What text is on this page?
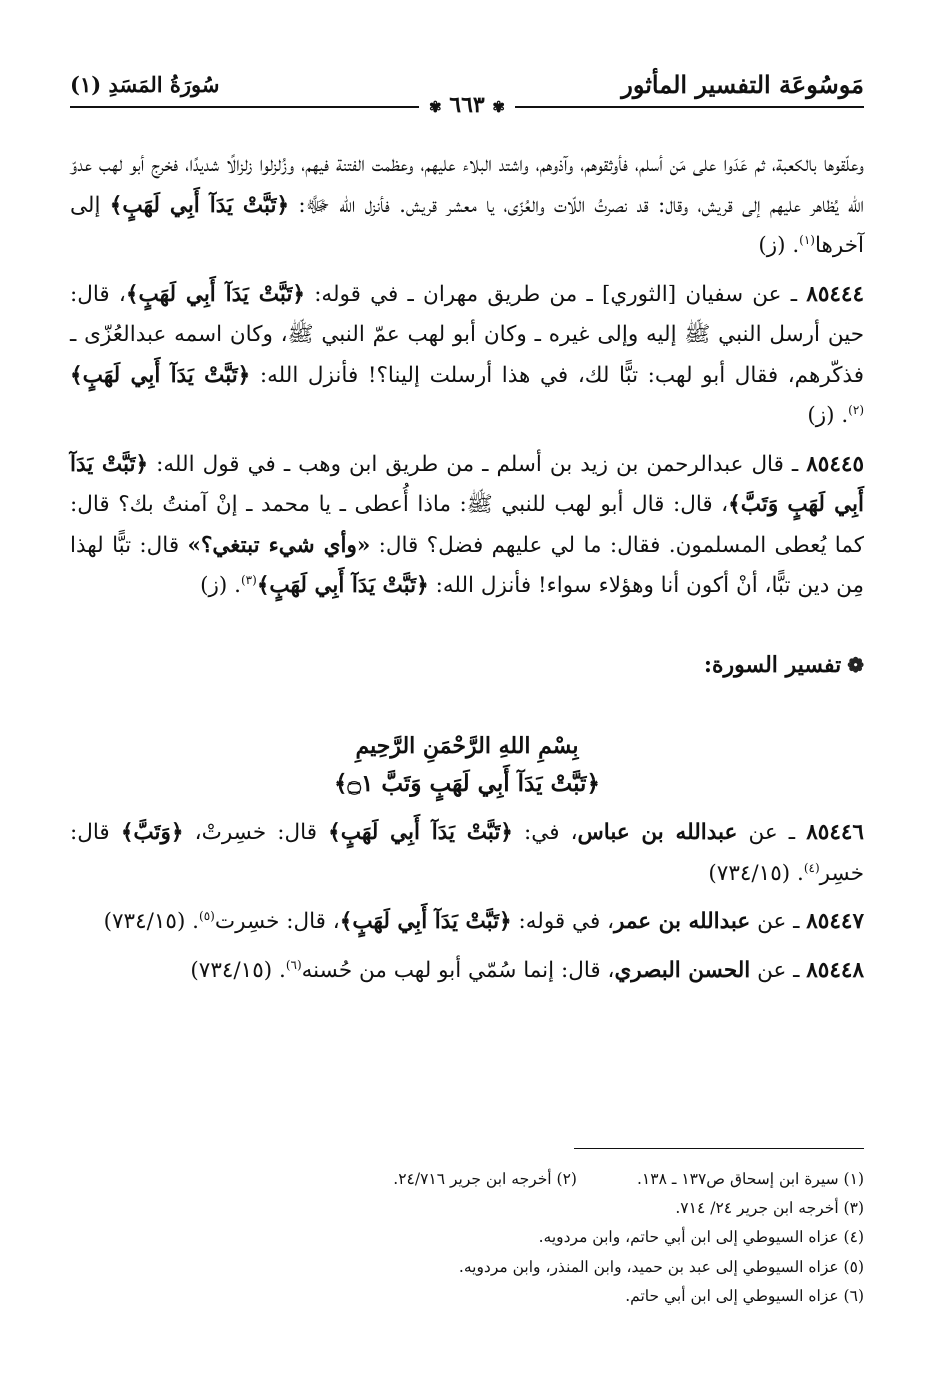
مَوسُوعَة التفسير المأثور
سُورَةُ المَسَدِ (١)
✾ ٦٦٣ ✾

وعلّقوها بالكعبة، ثم عَدَوا على مَن أسلم، فأوثقوهم، وآذوهم، واشتد البلاء عليهم، وعظمت الفتنة فيهم، وزُلزلوا زلزالًا شديدًا، فخرج أبو لهب عدوّ الله يُظاهر عليهم إلى قريش، وقال: قد نصرتُ اللّات والعُزّى، يا معشر قريش. فأنزل الله ﷻ: ﴿تَبَّتْ يَدَآ أَبِي لَهَبٍ﴾ إلى آخرها$^{(١)}$. (ز)

٨٥٤٤٤ ـ عن سفيان [الثوري] ـ من طريق مهران ـ في قوله: ﴿تَبَّتْ يَدَآ أَبِي لَهَبٍ﴾، قال: حين أرسل النبي ﷺ إليه وإلى غيره ـ وكان أبو لهب عمّ النبي ﷺ، وكان اسمه عبدالعُزّى ـ فذكّرهم، فقال أبو لهب: تبًّا لك، في هذا أرسلت إلينا؟! فأنزل الله: ﴿تَبَّتْ يَدَآ أَبِي لَهَبٍ﴾$^{(٢)}$. (ز)

٨٥٤٤٥ ـ قال عبدالرحمن بن زيد بن أسلم ـ من طريق ابن وهب ـ في قول الله: ﴿تَبَّتْ يَدَآ أَبِي لَهَبٍ وَتَبَّ﴾، قال: قال أبو لهب للنبي ﷺ: ماذا أُعطى ـ يا محمد ـ إنْ آمنتُ بك؟ قال: كما يُعطى المسلمون. فقال: ما لي عليهم فضل؟ قال: «وأي شيء تبتغي؟» قال: تبًّا لهذا مِن دين تبًّا، أنْ أكون أنا وهؤلاء سواء! فأنزل الله: ﴿تَبَّتْ يَدَآ أَبِي لَهَبٍ﴾$^{(٣)}$. (ز)

❁تفسير السورة:
بِسْمِ اللهِ الرَّحْمَنِ الرَّحِيمِ
﴿تَبَّتْ يَدَآ أَبِي لَهَبٍ وَتَبَّ ۝١﴾

٨٥٤٤٦ ـ عن عبدالله بن عباس، في: ﴿تَبَّتْ يَدَآ أَبِي لَهَبٍ﴾ قال: خسِرتْ، ﴿وَتَبَّ﴾ قال: خسِر$^{(٤)}$. (٧٣٤/١٥)

٨٥٤٤٧ ـ عن عبدالله بن عمر، في قوله: ﴿تَبَّتْ يَدَآ أَبِي لَهَبٍ﴾، قال: خسِرت$^{(٥)}$. (٧٣٤/١٥)

٨٥٤٤٨ ـ عن الحسن البصري، قال: إنما سُمّي أبو لهب من حُسنه$^{(٦)}$. (٧٣٤/١٥)

(١) سيرة ابن إسحاق ص١٣٧ ـ ١٣٨.
(٢) أخرجه ابن جرير ٢٤/٧١٦.
(٣) أخرجه ابن جرير ٢٤/ ٧١٤.
(٤) عزاه السيوطي إلى ابن أبي حاتم، وابن مردويه.
(٥) عزاه السيوطي إلى عبد بن حميد، وابن المنذر، وابن مردويه.
(٦) عزاه السيوطي إلى ابن أبي حاتم.
